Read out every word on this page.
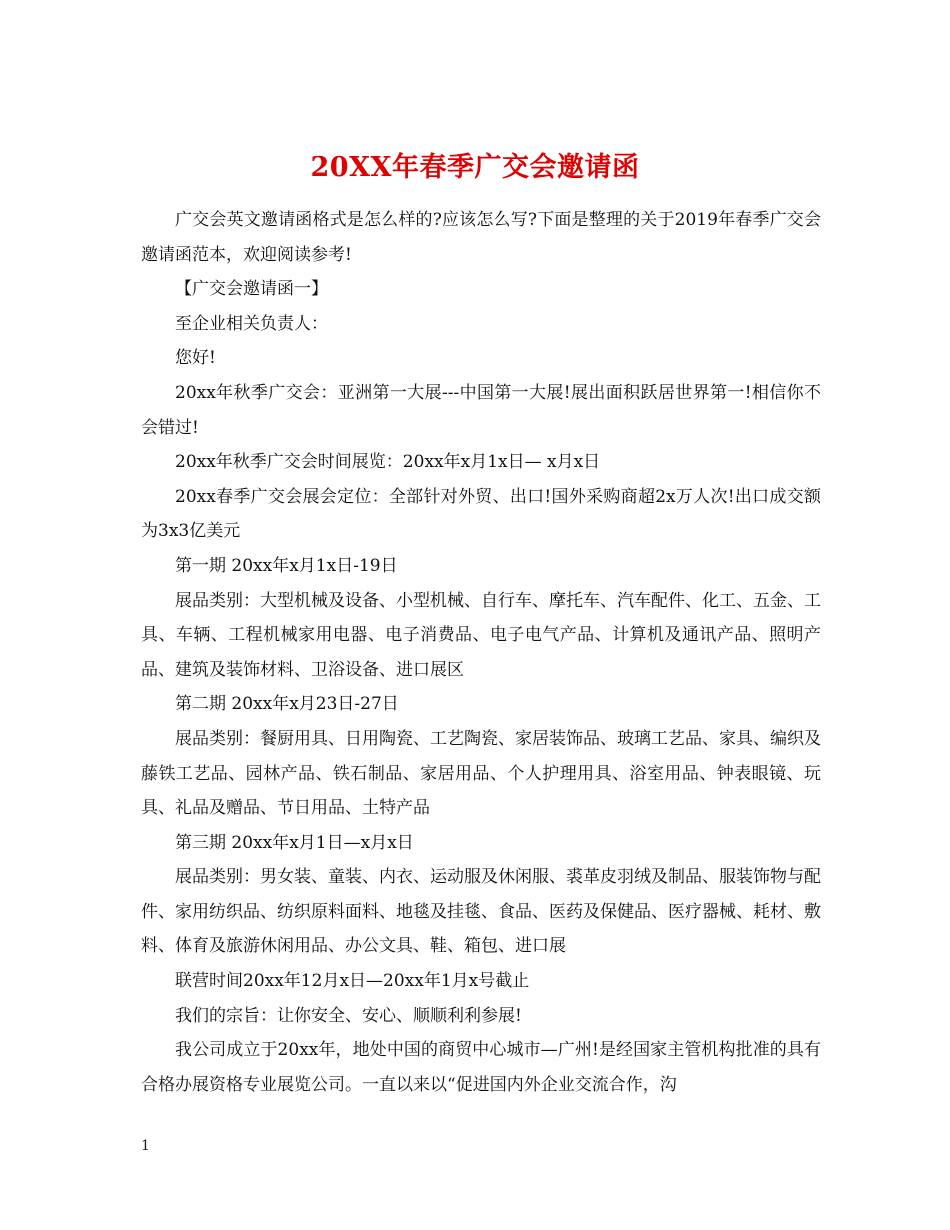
20XX年春季广交会邀请函

广交会英文邀请函格式是怎么样的?应该怎么写?下面是整理的关于2019年春季广交会邀请函范本，欢迎阅读参考!

【广交会邀请函一】

至企业相关负责人：

您好!

20xx年秋季广交会：亚洲第一大展---中国第一大展!展出面积跃居世界第一!相信你不会错过!

20xx年秋季广交会时间展览：20xx年x月1x日— x月x日

20xx春季广交会展会定位：全部针对外贸、出口!国外采购商超2x万人次!出口成交额为3x3亿美元

第一期 20xx年x月1x日-19日

展品类别：大型机械及设备、小型机械、自行车、摩托车、汽车配件、化工、五金、工具、车辆、工程机械家用电器、电子消费品、电子电气产品、计算机及通讯产品、照明产品、建筑及装饰材料、卫浴设备、进口展区

第二期 20xx年x月23日-27日

展品类别：餐厨用具、日用陶瓷、工艺陶瓷、家居装饰品、玻璃工艺品、家具、编织及藤铁工艺品、园林产品、铁石制品、家居用品、个人护理用具、浴室用品、钟表眼镜、玩具、礼品及赠品、节日用品、土特产品

第三期 20xx年x月1日—x月x日

展品类别：男女装、童装、内衣、运动服及休闲服、裘革皮羽绒及制品、服装饰物与配件、家用纺织品、纺织原料面料、地毯及挂毯、食品、医药及保健品、医疗器械、耗材、敷料、体育及旅游休闲用品、办公文具、鞋、箱包、进口展

联营时间20xx年12月x日—20xx年1月x号截止

我们的宗旨：让你安全、安心、顺顺利利参展!

我公司成立于20xx年，地处中国的商贸中心城市—广州!是经国家主管机构批准的具有合格办展资格专业展览公司。一直以来以“促进国内外企业交流合作，沟

1
